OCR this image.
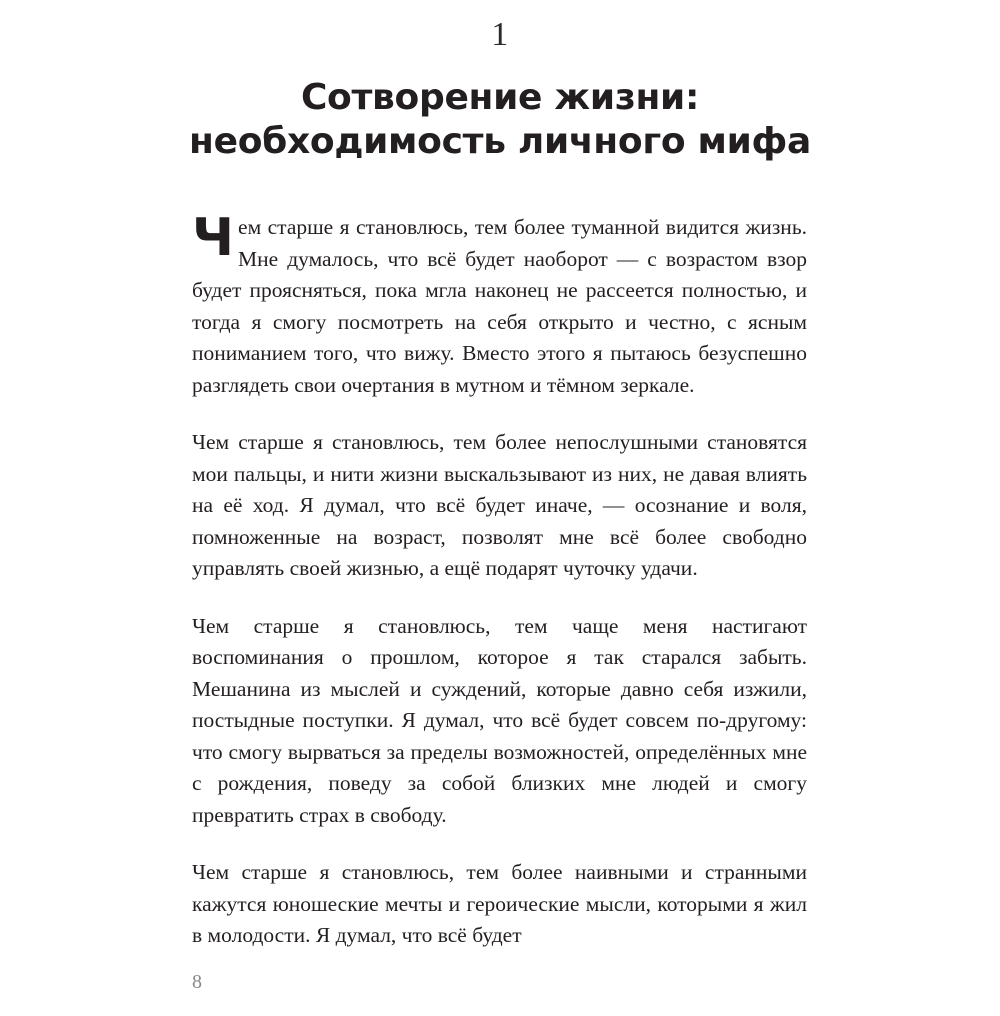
1
Сотворение жизни:
необходимость личного мифа

Чем старше я становлюсь, тем более туманной видится жизнь. Мне думалось, что всё будет наоборот — с возрастом взор будет проясняться, пока мгла наконец не рассеется полностью, и тогда я смогу посмотреть на себя открыто и честно, с ясным пониманием того, что вижу. Вместо этого я пытаюсь безуспешно разглядеть свои очертания в мутном и тёмном зеркале.

Чем старше я становлюсь, тем более непослушными становятся мои пальцы, и нити жизни выскальзывают из них, не давая влиять на её ход. Я думал, что всё будет иначе, — осознание и воля, помноженные на возраст, позволят мне всё более свободно управлять своей жизнью, а ещё подарят чуточку удачи.

Чем старше я становлюсь, тем чаще меня настигают воспоминания о прошлом, которое я так старался забыть. Мешанина из мыслей и суждений, которые давно себя изжили, постыдные поступки. Я думал, что всё будет совсем по-другому: что смогу вырваться за пределы возможностей, определённых мне с рождения, поведу за собой близких мне людей и смогу превратить страх в свободу.

Чем старше я становлюсь, тем более наивными и странными кажутся юношеские мечты и героические мысли, которыми я жил в молодости. Я думал, что всё будет

8
